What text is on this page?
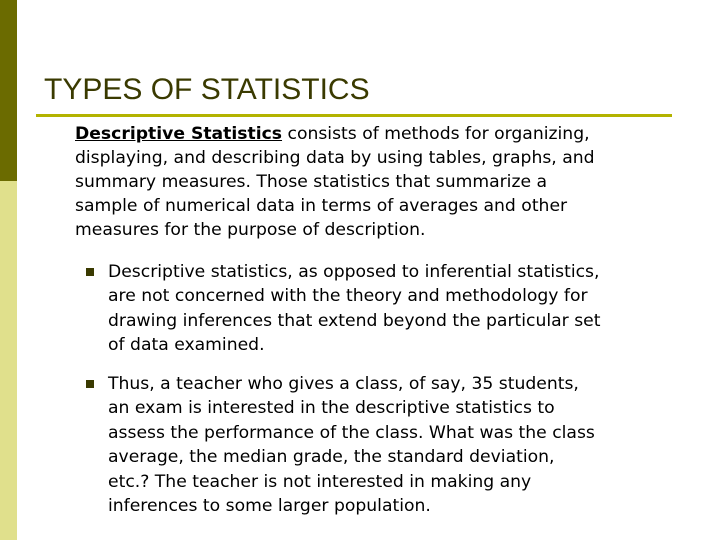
TYPES OF STATISTICS

Descriptive Statistics consists of methods for organizing,
displaying, and describing data by using tables, graphs, and
summary measures. Those statistics that summarize a
sample of numerical data in terms of averages and other
measures for the purpose of description.

Descriptive statistics, as opposed to inferential statistics,
are not concerned with the theory and methodology for
drawing inferences that extend beyond the particular set
of data examined.

Thus, a teacher who gives a class, of say, 35 students,
an exam is interested in the descriptive statistics to
assess the performance of the class. What was the class
average, the median grade, the standard deviation,
etc.? The teacher is not interested in making any
inferences to some larger population.
